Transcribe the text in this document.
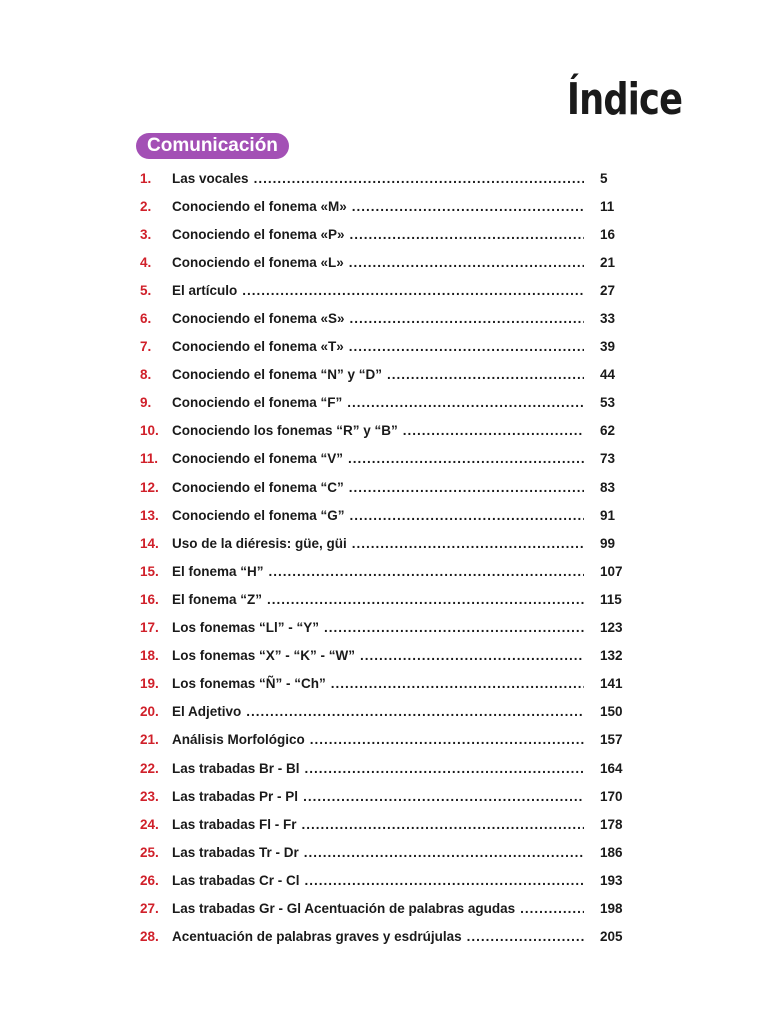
Índice
Comunicación
1.	Las vocales .....	5
2.	Conociendo el fonema «M» .....	11
3.	Conociendo el fonema «P» .....	16
4.	Conociendo el fonema «L» .....	21
5.	El artículo .....	27
6.	Conociendo el fonema «S» .....	33
7.	Conociendo el fonema «T» .....	39
8.	Conociendo el fonema “N” y “D” .....	44
9.	Conociendo el fonema “F” .....	53
10. Conociendo los fonemas “R” y “B” .....	62
11.	Conociendo el fonema “V” .....	73
12. Conociendo el fonema “C” .....	83
13. Conociendo el fonema “G” .....	91
14. Uso de la diéresis: güe, güi .....	99
15. El fonema “H” .....	107
16. El fonema “Z” .....	115
17. Los fonemas “Ll” - “Y” .....	123
18. Los fonemas “X” - “K” - “W” .....	132
19. Los fonemas “Ñ” - “Ch” .....	141
20. El Adjetivo .....	150
21. Análisis Morfológico .....	157
22. Las trabadas Br - Bl .....	164
23. Las trabadas Pr - Pl .....	170
24. Las trabadas Fl - Fr .....	178
25. Las trabadas Tr - Dr .....	186
26. Las trabadas Cr - Cl .....	193
27. Las trabadas Gr - Gl Acentuación de palabras agudas .....	198
28. Acentuación de palabras graves y esdrújulas .....	205
